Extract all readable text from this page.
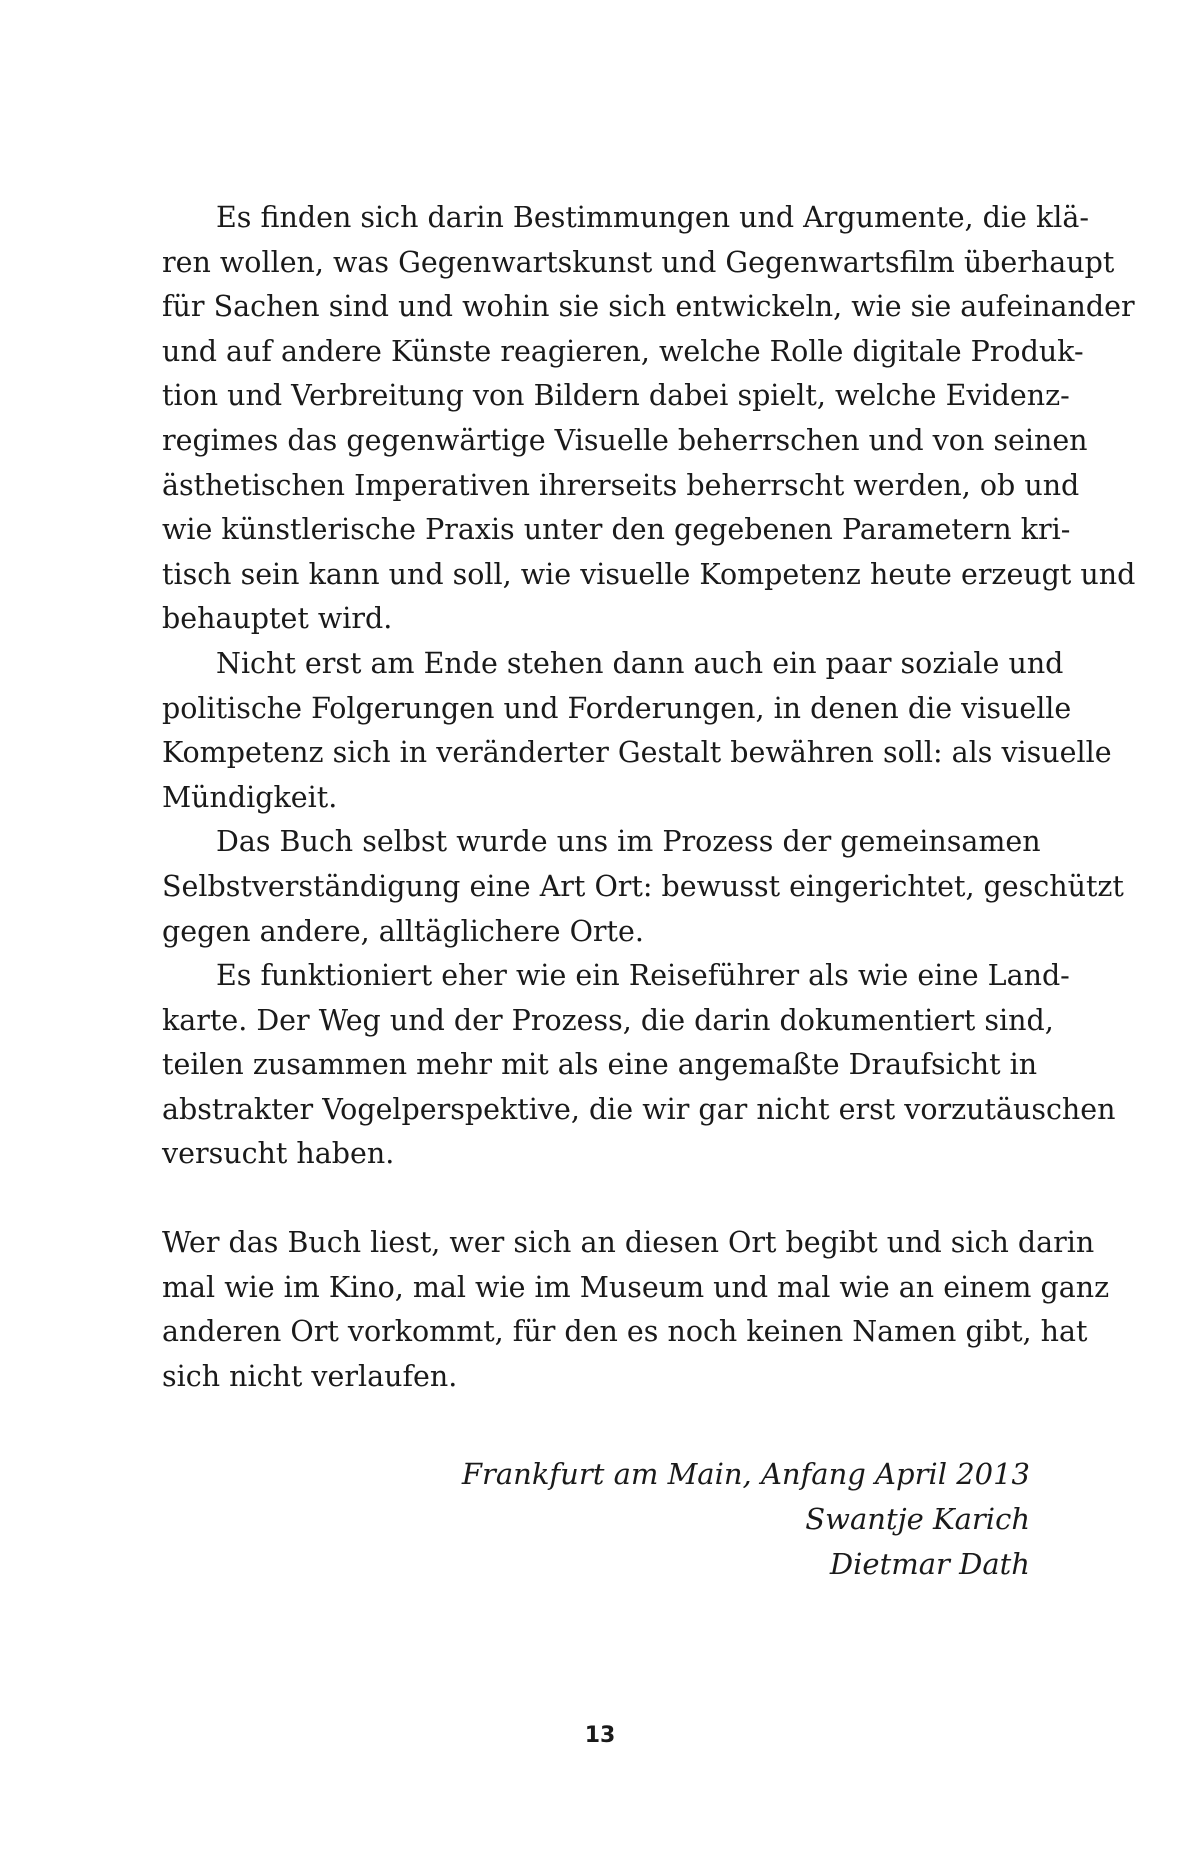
Es finden sich darin Bestimmungen und Argumente, die klä-
ren wollen, was Gegenwartskunst und Gegenwartsfilm überhaupt
für Sachen sind und wohin sie sich entwickeln, wie sie aufeinander
und auf andere Künste reagieren, welche Rolle digitale Produk-
tion und Verbreitung von Bildern dabei spielt, welche Evidenz-
regimes das gegenwärtige Visuelle beherrschen und von seinen
ästhetischen Imperativen ihrerseits beherrscht werden, ob und
wie künstlerische Praxis unter den gegebenen Parametern kri-
tisch sein kann und soll, wie visuelle Kompetenz heute erzeugt und
behauptet wird.
Nicht erst am Ende stehen dann auch ein paar soziale und
politische Folgerungen und Forderungen, in denen die visuelle
Kompetenz sich in veränderter Gestalt bewähren soll: als visuelle
Mündigkeit.
Das Buch selbst wurde uns im Prozess der gemeinsamen
Selbstverständigung eine Art Ort: bewusst eingerichtet, geschützt
gegen andere, alltäglichere Orte.
Es funktioniert eher wie ein Reiseführer als wie eine Land-
karte. Der Weg und der Prozess, die darin dokumentiert sind,
teilen zusammen mehr mit als eine angemaßte Draufsicht in
abstrakter Vogelperspektive, die wir gar nicht erst vorzutäuschen
versucht haben.
Wer das Buch liest, wer sich an diesen Ort begibt und sich darin
mal wie im Kino, mal wie im Museum und mal wie an einem ganz
anderen Ort vorkommt, für den es noch keinen Namen gibt, hat
sich nicht verlaufen.
Frankfurt am Main, Anfang April 2013
Swantje Karich
Dietmar Dath
13
